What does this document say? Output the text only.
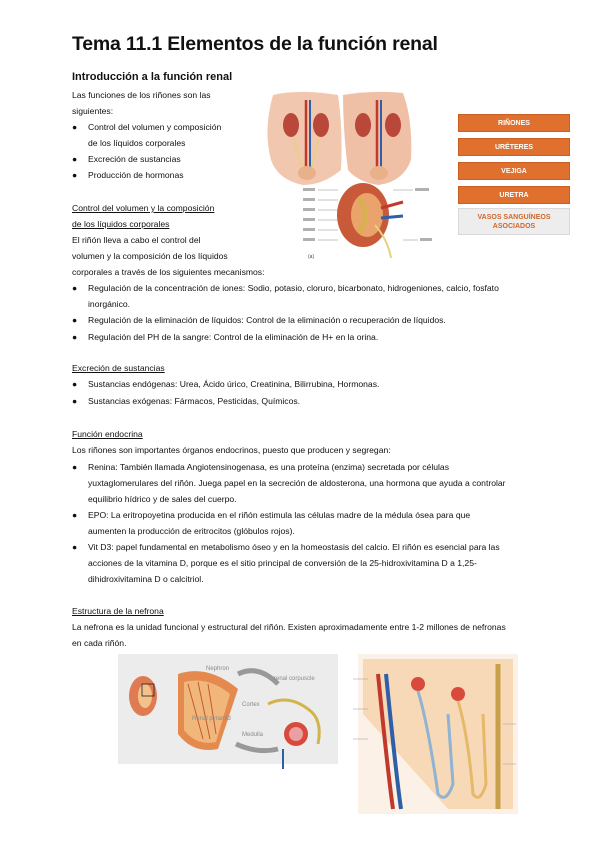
Tema 11.1 Elementos de la función renal
Introducción a la función renal
Las funciones de los riñones son las
siguientes:
● Control del volumen y composición
de los líquidos corporales
● Excreción de sustancias
● Producción de hormonas
(a)
RIÑONES
URÉTERES
VEJIGA
URETRA
VASOS SANGUÍNEOS
ASOCIADOS
Control del volumen y la composición
de los líquidos corporales
El riñón lleva a cabo el control del
volumen y la composición de los líquidos
corporales a través de los siguientes mecanismos:
● Regulación de la concentración de iones: Sodio, potasio, cloruro, bicarbonato, hidrogeniones, calcio, fosfato
inorgánico.
● Regulación de la eliminación de líquidos: Control de la eliminación o recuperación de líquidos.
● Regulación del PH de la sangre: Control de la eliminación de H+ en la orina.
Excreción de sustancias
● Sustancias endógenas: Urea, Ácido úrico, Creatinina, Bilirrubina, Hormonas.
● Sustancias exógenas: Fármacos, Pesticidas, Químicos.
Función endocrina
Los riñones son importantes órganos endocrinos, puesto que producen y segregan:
● Renina: También llamada Angiotensinogenasa, es una proteína (enzima) secretada por células
yuxtaglomerulares del riñón. Juega papel en la secreción de aldosterona, una hormona que ayuda a controlar
equilibrio hídrico y de sales del cuerpo.
● EPO: La eritropoyetina producida en el riñón estimula las células madre de la médula ósea para que
aumenten la producción de eritrocitos (glóbulos rojos).
● Vit D3: papel fundamental en metabolismo óseo y en la homeostasis del calcio. El riñón es esencial para las
acciones de la vitamina D, porque es el sitio principal de conversión de la 25-hidroxivitamina D a 1,25-
dihidroxivitamina D o calcitriol.
Estructura de la nefrona
La nefrona es la unidad funcional y estructural del riñón. Existen aproximadamente entre 1-2 millones de nefronas
en cada riñón.
Nephron
Cortex
Renal pyramid
Medulla
renal corpuscle
